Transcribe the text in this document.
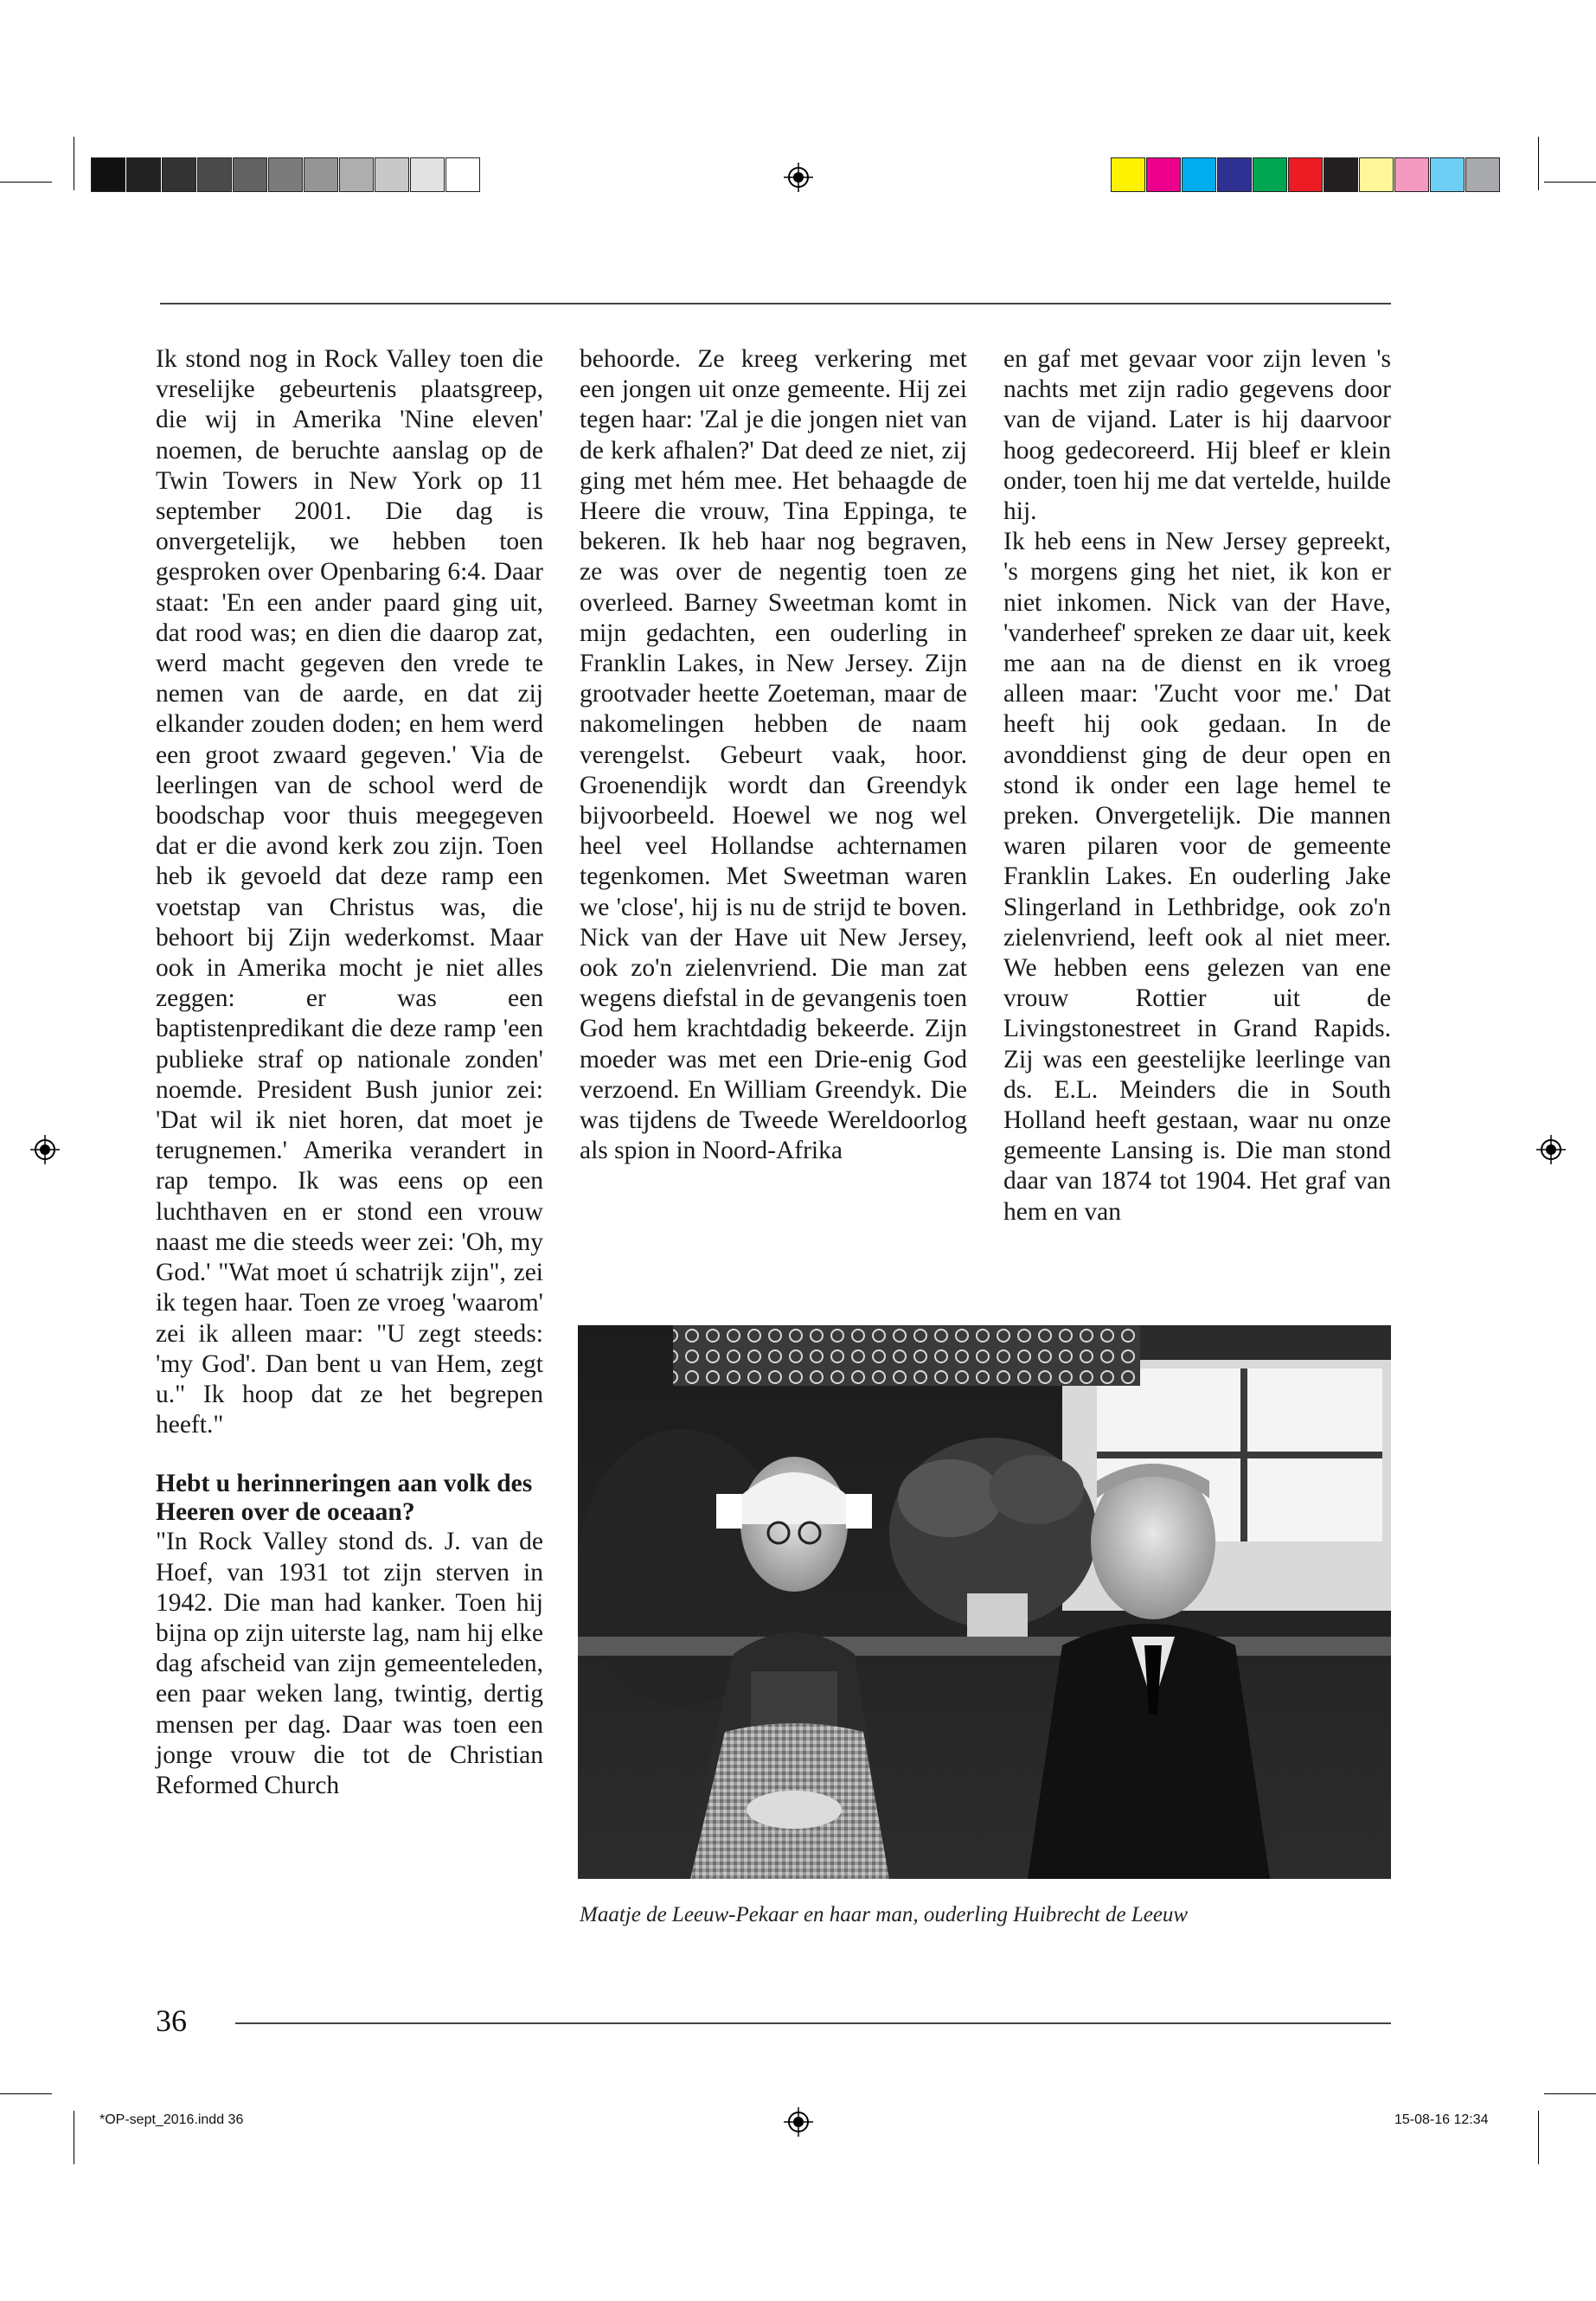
Ik stond nog in Rock Valley toen die vreselijke gebeurtenis plaatsgreep, die wij in Amerika 'Nine eleven' noemen, de beruchte aanslag op de Twin Towers in New York op 11 september 2001. Die dag is onvergetelijk, we hebben toen gesproken over Openbaring 6:4. Daar staat: 'En een ander paard ging uit, dat rood was; en dien die daarop zat, werd macht gegeven den vrede te nemen van de aarde, en dat zij elkander zouden doden; en hem werd een groot zwaard gegeven.' Via de leerlingen van de school werd de boodschap voor thuis meegegeven dat er die avond kerk zou zijn. Toen heb ik gevoeld dat deze ramp een voetstap van Christus was, die behoort bij Zijn wederkomst. Maar ook in Amerika mocht je niet alles zeggen: er was een baptistenpredikant die deze ramp 'een publieke straf op nationale zonden' noemde. President Bush junior zei: 'Dat wil ik niet horen, dat moet je terugnemen.' Amerika verandert in rap tempo. Ik was eens op een luchthaven en er stond een vrouw naast me die steeds weer zei: 'Oh, my God.' "Wat moet ú schatrijk zijn", zei ik tegen haar. Toen ze vroeg 'waarom' zei ik alleen maar: "U zegt steeds: 'my God'. Dan bent u van Hem, zegt u." Ik hoop dat ze het begrepen heeft."

Hebt u herinneringen aan volk des Heeren over de oceaan?

"In Rock Valley stond ds. J. van de Hoef, van 1931 tot zijn sterven in 1942. Die man had kanker. Toen hij bijna op zijn uiterste lag, nam hij elke dag afscheid van zijn gemeenteleden, een paar weken lang, twintig, dertig mensen per dag. Daar was toen een jonge vrouw die tot de Christian Reformed Church

behoorde. Ze kreeg verkering met een jongen uit onze gemeente. Hij zei tegen haar: 'Zal je die jongen niet van de kerk afhalen?' Dat deed ze niet, zij ging met hém mee. Het behaagde de Heere die vrouw, Tina Eppinga, te bekeren. Ik heb haar nog begraven, ze was over de negentig toen ze overleed. Barney Sweetman komt in mijn gedachten, een ouderling in Franklin Lakes, in New Jersey. Zijn grootvader heette Zoeteman, maar de nakomelingen hebben de naam verengelst. Gebeurt vaak, hoor. Groenendijk wordt dan Greendyk bijvoorbeeld. Hoewel we nog wel heel veel Hollandse achternamen tegenkomen. Met Sweetman waren we 'close', hij is nu de strijd te boven. Nick van der Have uit New Jersey, ook zo'n zielenvriend. Die man zat wegens diefstal in de gevangenis toen God hem krachtdadig bekeerde. Zijn moeder was met een Drie-enig God verzoend. En William Greendyk. Die was tijdens de Tweede Wereldoorlog als spion in Noord-Afrika

en gaf met gevaar voor zijn leven 's nachts met zijn radio gegevens door van de vijand. Later is hij daarvoor hoog gedecoreerd. Hij bleef er klein onder, toen hij me dat vertelde, huilde hij.

Ik heb eens in New Jersey gepreekt, 's morgens ging het niet, ik kon er niet inkomen. Nick van der Have, 'vanderheef' spreken ze daar uit, keek me aan na de dienst en ik vroeg alleen maar: 'Zucht voor me.' Dat heeft hij ook gedaan. In de avonddienst ging de deur open en stond ik onder een lage hemel te preken. Onvergetelijk. Die mannen waren pilaren voor de gemeente Franklin Lakes. En ouderling Jake Slingerland in Lethbridge, ook zo'n zielenvriend, leeft ook al niet meer. We hebben eens gelezen van ene vrouw Rottier uit de Livingstonestreet in Grand Rapids. Zij was een geestelijke leerlinge van ds. E.L. Meinders die in South Holland heeft gestaan, waar nu onze gemeente Lansing is. Die man stond daar van 1874 tot 1904. Het graf van hem en van

Maatje de Leeuw-Pekaar en haar man, ouderling Huibrecht de Leeuw
36
*OP-sept_2016.indd 36	15-08-16 12:34
